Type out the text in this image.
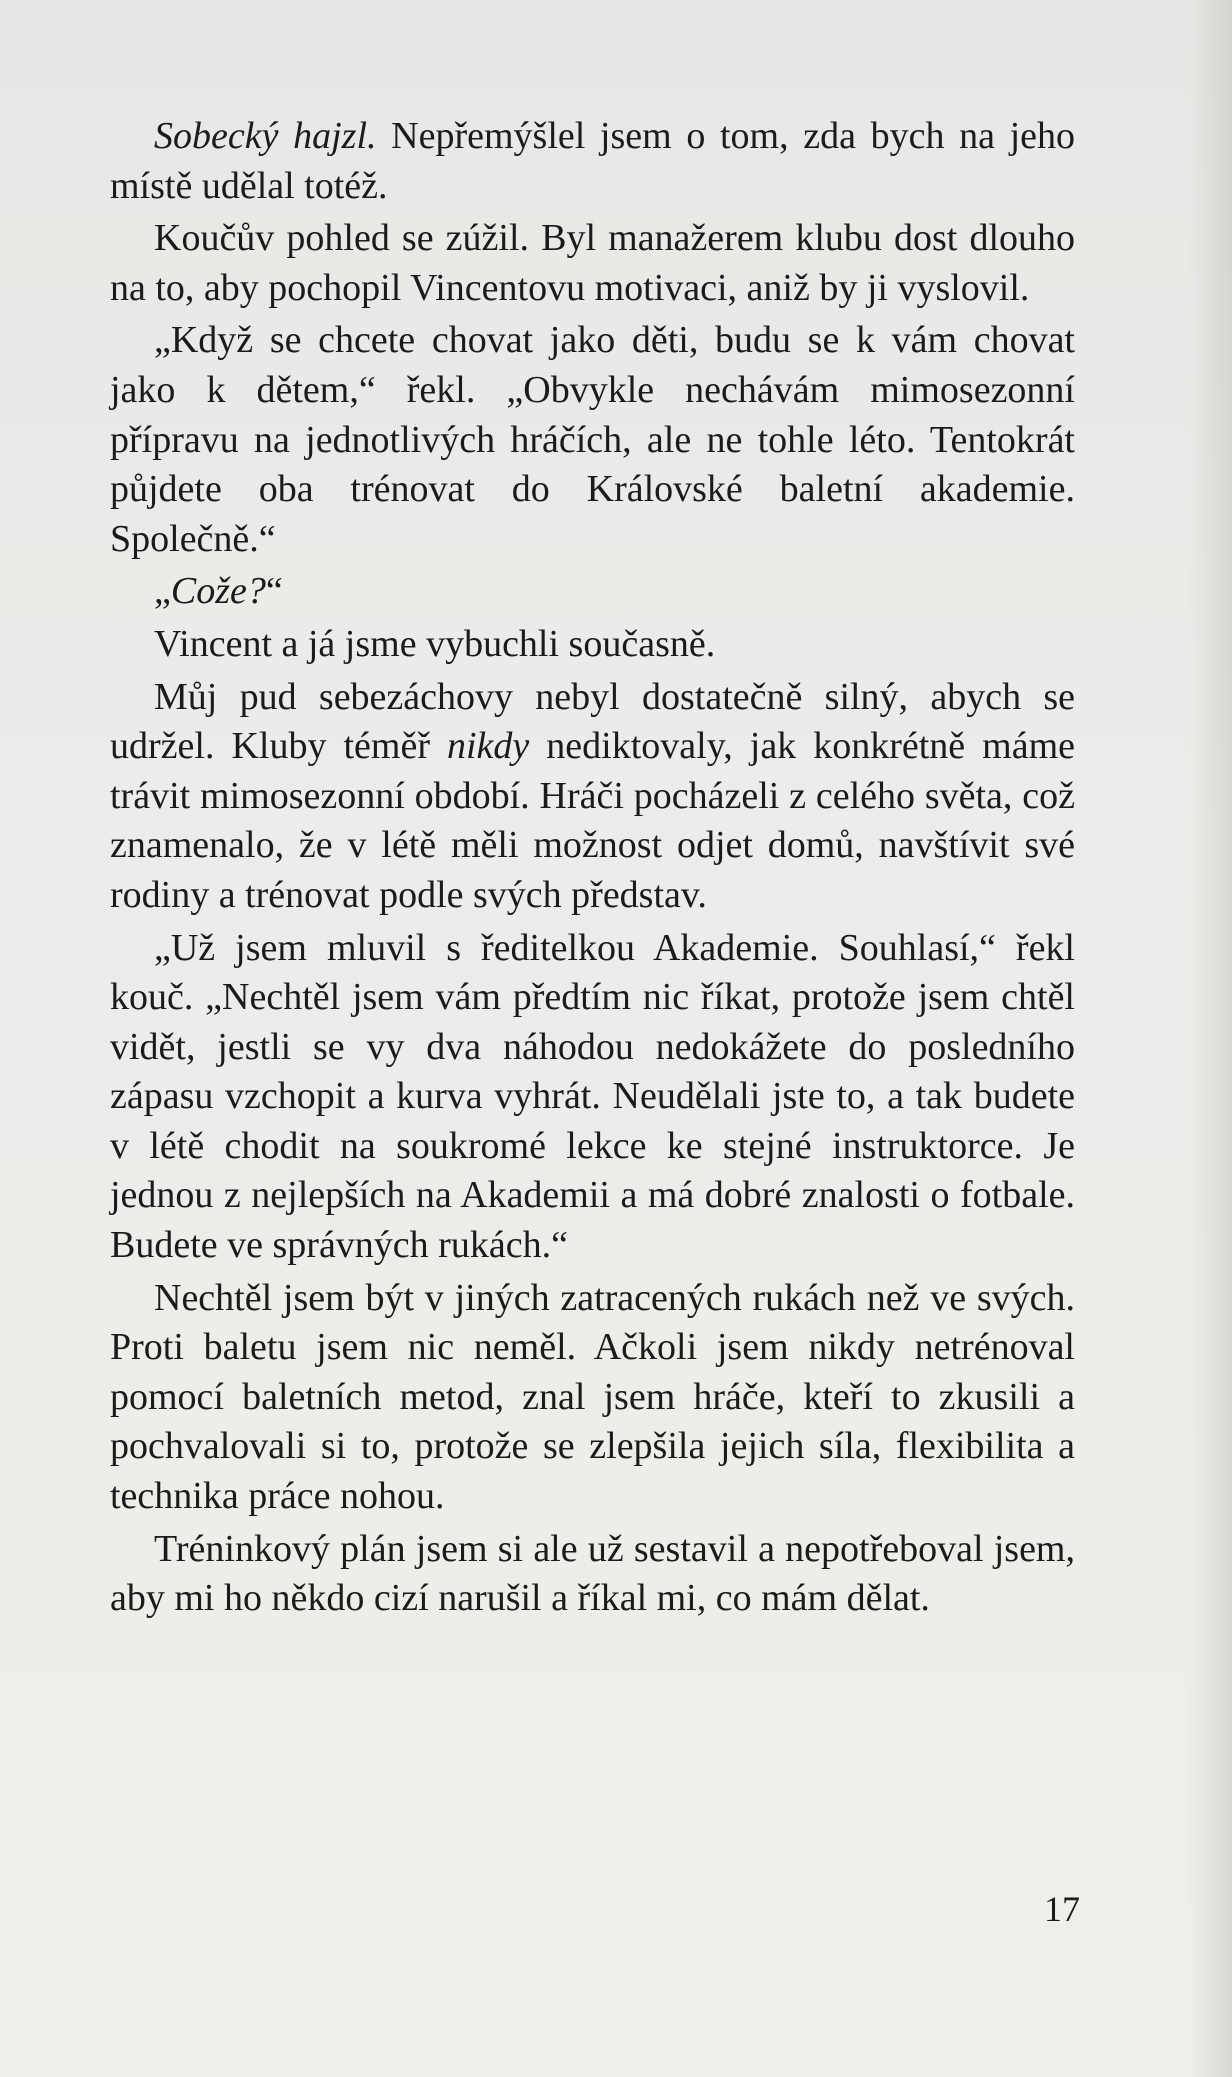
Sobecký hajzl. Nepřemýšlel jsem o tom, zda bych na jeho místě udělal totéž.

Koučův pohled se zúžil. Byl manažerem klubu dost dlouho na to, aby pochopil Vincentovu motivaci, aniž by ji vyslovil.

„Když se chcete chovat jako děti, budu se k vám chovat jako k dětem,“ řekl. „Obvykle nechávám mimosezonní přípravu na jednotlivých hráčích, ale ne tohle léto. Tentokrát půjdete oba trénovat do Královské baletní akademie. Společně.“

„Cože?“

Vincent a já jsme vybuchli současně.

Můj pud sebezáchovy nebyl dostatečně silný, abych se udržel. Kluby téměř nikdy nediktovaly, jak konkrétně máme trávit mimosezonní období. Hráči pocházeli z celého světa, což znamenalo, že v létě měli možnost odjet domů, navštívit své rodiny a trénovat podle svých představ.

„Už jsem mluvil s ředitelkou Akademie. Souhlasí,“ řekl kouč. „Nechtěl jsem vám předtím nic říkat, protože jsem chtěl vidět, jestli se vy dva náhodou nedokážete do posledního zápasu vzchopit a kurva vyhrát. Neudělali jste to, a tak budete v létě chodit na soukromé lekce ke stejné instruktorce. Je jednou z nejlepších na Akademii a má dobré znalosti o fotbale. Budete ve správných rukách.“

Nechtěl jsem být v jiných zatracených rukách než ve svých. Proti baletu jsem nic neměl. Ačkoli jsem nikdy netrénoval pomocí baletních metod, znal jsem hráče, kteří to zkusili a pochvalovali si to, protože se zlepšila jejich síla, flexibilita a technika práce nohou.

Tréninkový plán jsem si ale už sestavil a nepotřeboval jsem, aby mi ho někdo cizí narušil a říkal mi, co mám dělat.

17
